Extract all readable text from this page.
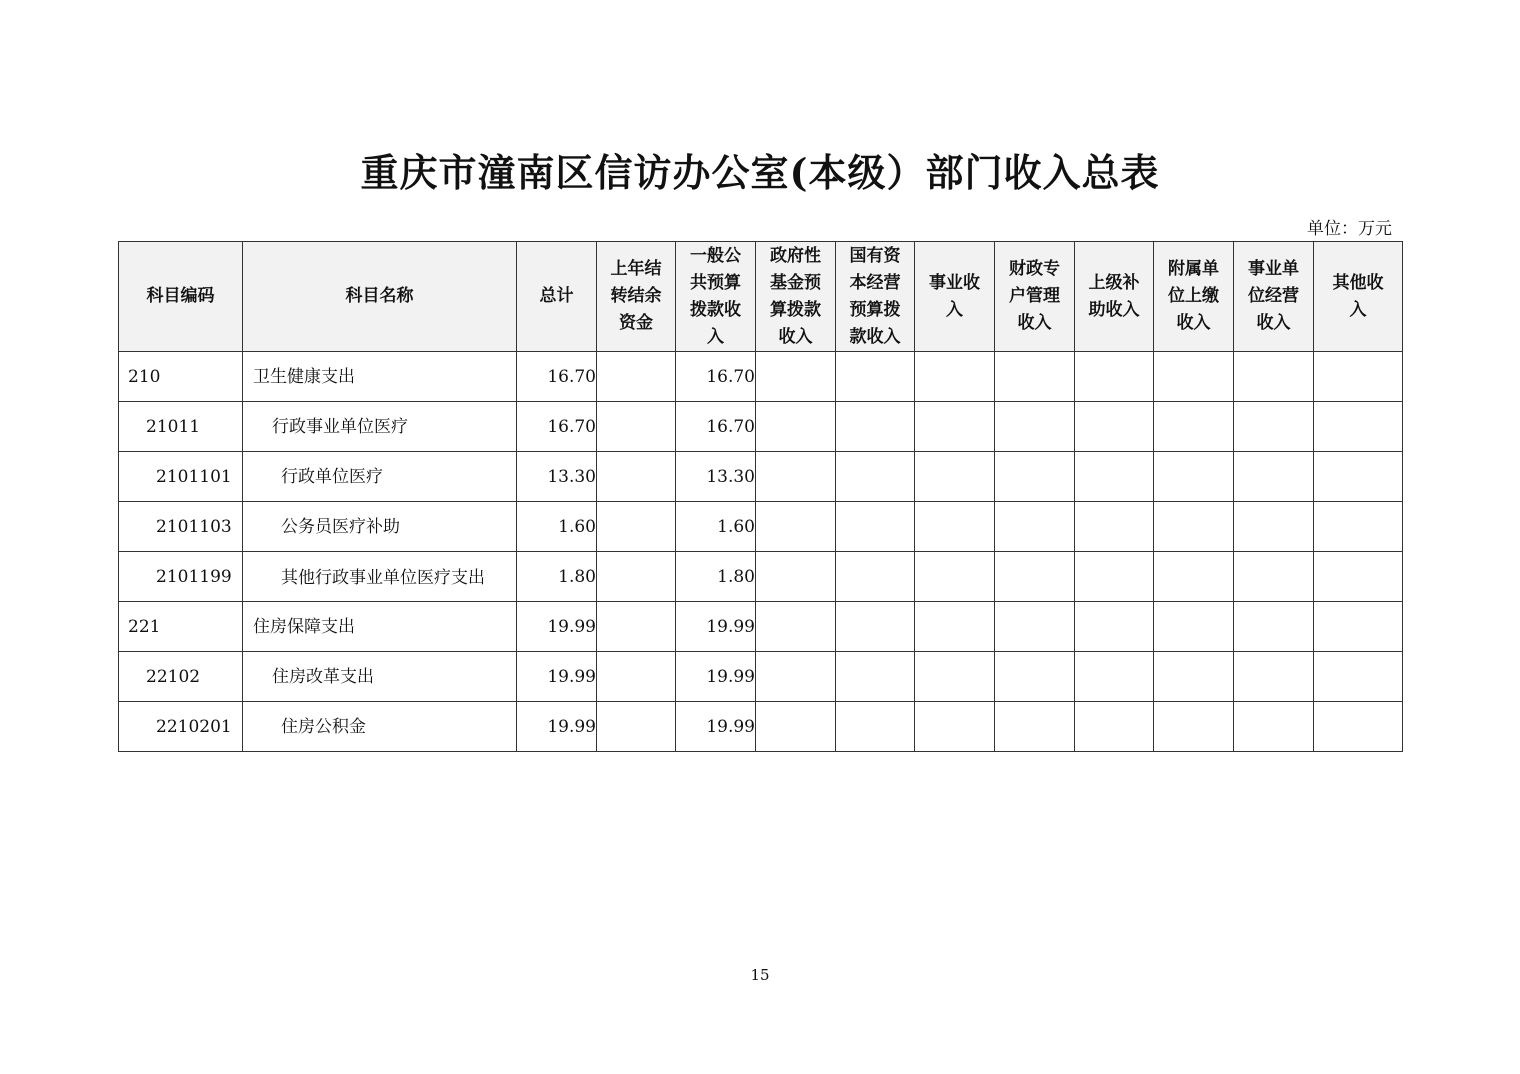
重庆市潼南区信访办公室(本级）部门收入总表
单位：万元
科目编码	科目名称	总计	上年结转结余资金	一般公共预算拨款收入	政府性基金预算拨款收入	国有资本经营预算拨款收入	事业收入	财政专户管理收入	上级补助收入	附属单位上缴收入	事业单位经营收入	其他收入
210	卫生健康支出	16.70		16.70								
21011	行政事业单位医疗	16.70		16.70								
2101101	行政单位医疗	13.30		13.30								
2101103	公务员医疗补助	1.60		1.60								
2101199	其他行政事业单位医疗支出	1.80		1.80								
221	住房保障支出	19.99		19.99								
22102	住房改革支出	19.99		19.99								
2210201	住房公积金	19.99		19.99								
15
